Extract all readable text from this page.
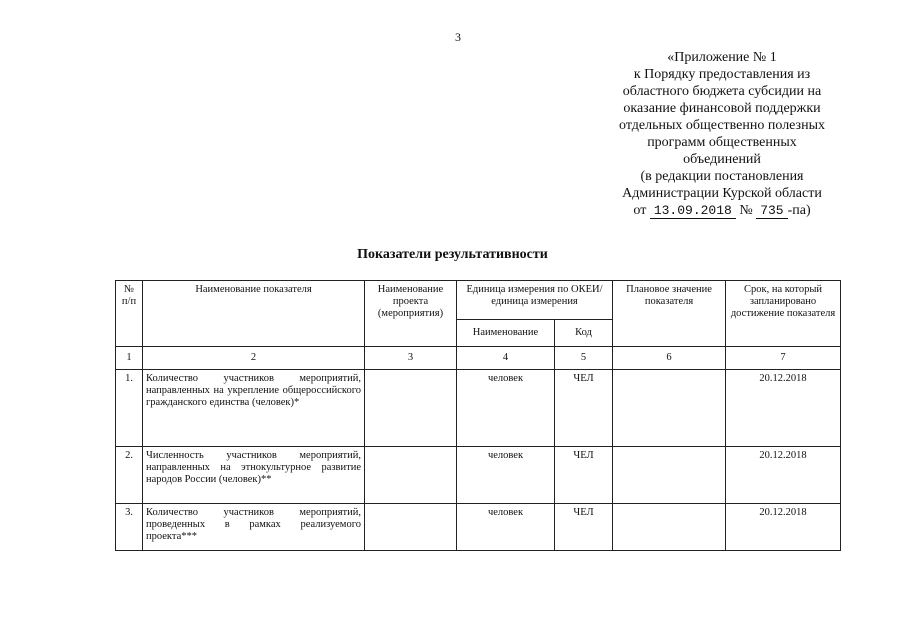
3
«Приложение № 1
к Порядку предоставления из
областного бюджета субсидии на
оказание финансовой поддержки
отдельных общественно полезных
программ общественных
объединений
(в редакции постановления
Администрации Курской области
от 13.09.2018 № 735 -па)
Показатели результативности
№ п/п	Наименование показателя	Наименование проекта (мероприятия)	Единица измерения по ОКЕИ/единица измерения		Плановое значение показателя	Срок, на который запланировано достижение показателя
			Наименование	Код		
1	2	3	4	5	6	7
1.	Количество участников мероприятий, направленных на укрепление общероссийского гражданского единства (человек)*		человек	ЧЕЛ		20.12.2018
2.	Численность участников мероприятий, направленных на этнокультурное развитие народов России (человек)**		человек	ЧЕЛ		20.12.2018
3.	Количество участников мероприятий, проведенных в рамках реализуемого проекта***		человек	ЧЕЛ		20.12.2018
